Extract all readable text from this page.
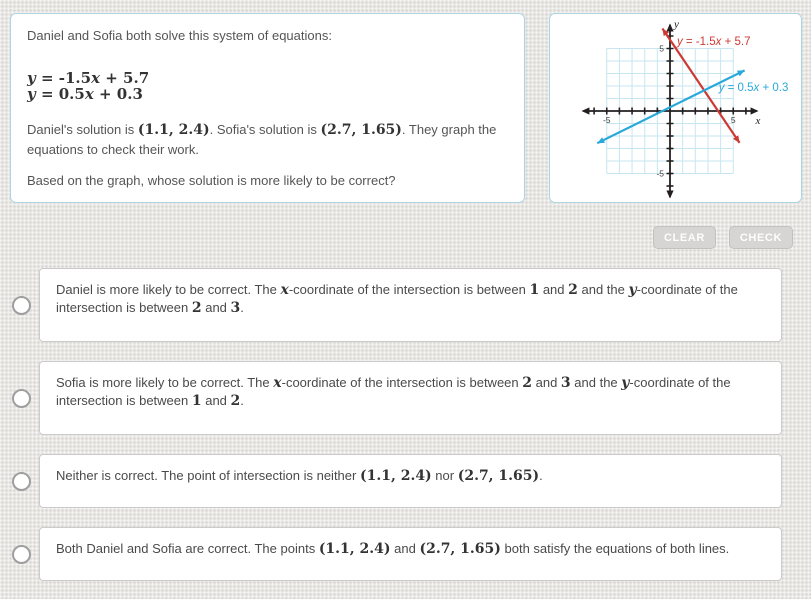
Daniel and Sofia both solve this system of equations:

y = -1.5x + 5.7
y = 0.5x + 0.3

Daniel's solution is (1.1, 2.4). Sofia's solution is (2.7, 1.65). They graph the equations to check their work.

Based on the graph, whose solution is more likely to be correct?

-5	5
5
-5
x
y
y = -1.5x + 5.7
y = 0.5x + 0.3
CLEAR	CHECK
Daniel is more likely to be correct. The x-coordinate of the intersection is between 1 and 2 and the y-coordinate of the intersection is between 2 and 3.
Sofia is more likely to be correct. The x-coordinate of the intersection is between 2 and 3 and the y-coordinate of the intersection is between 1 and 2.
Neither is correct. The point of intersection is neither (1.1, 2.4) nor (2.7, 1.65).
Both Daniel and Sofia are correct. The points (1.1, 2.4) and (2.7, 1.65) both satisfy the equations of both lines.
